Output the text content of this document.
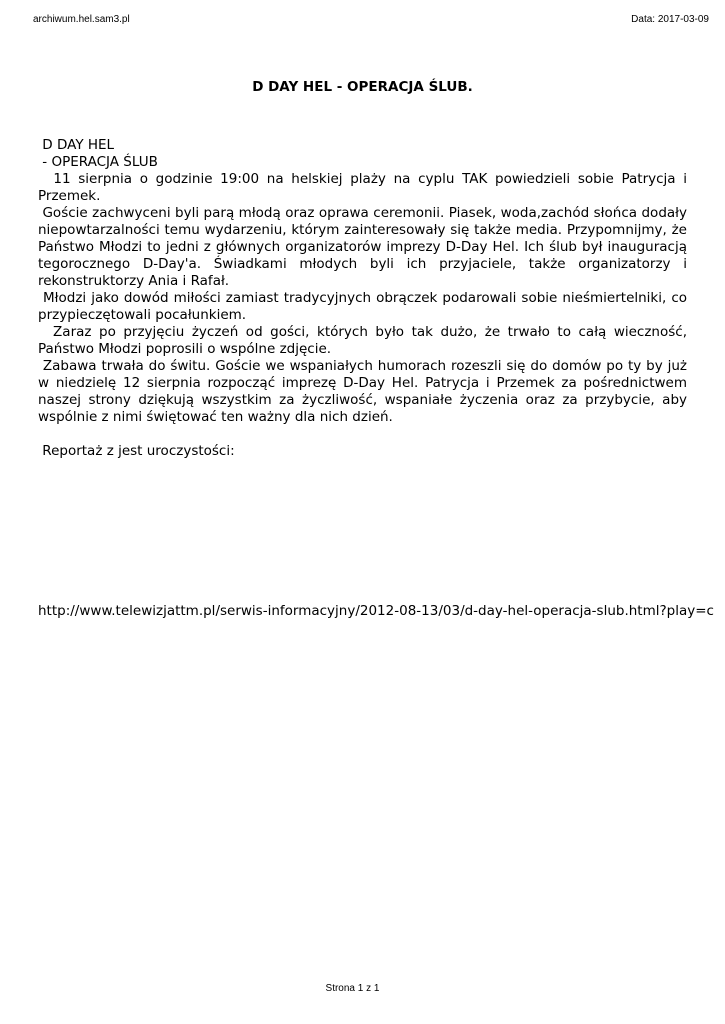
archiwum.hel.sam3.pl	Data: 2017-03-09
D DAY HEL - OPERACJA ŚLUB.
D DAY HEL
- OPERACJA ŚLUB

11 sierpnia o godzinie 19:00 na helskiej plaży na cyplu TAK powiedzieli sobie Patrycja i Przemek.

Goście zachwyceni byli parą młodą oraz oprawa ceremonii. Piasek, woda,zachód słońca dodały niepowtarzalności temu wydarzeniu, którym zainteresowały się także media. Przypomnijmy, że Państwo Młodzi to jedni z głównych organizatorów imprezy D-Day Hel. Ich ślub był inauguracją tegorocznego D-Day'a. Świadkami młodych byli ich przyjaciele, także organizatorzy i rekonstruktorzy Ania i Rafał.

Młodzi jako dowód miłości zamiast tradycyjnych obrączek podarowali sobie nieśmiertelniki, co przypieczętowali pocałunkiem.

Zaraz po przyjęciu życzeń od gości, których było tak dużo, że trwało to całą wieczność, Państwo Młodzi poprosili o wspólne zdjęcie.

Zabawa trwała do świtu. Goście we wspaniałych humorach rozeszli się do domów po ty by już w niedzielę 12 sierpnia rozpocząć imprezę D-Day Hel. Patrycja i Przemek za pośrednictwem naszej strony dziękują wszystkim za życzliwość, wspaniałe życzenia oraz za przybycie, aby wspólnie z nimi świętować ten ważny dla nich dzień.

Reportaż z jest uroczystości:
http://www.telewizjattm.pl/serwis-informacyjny/2012-08-13/03/d-day-hel-operacja-slub.html?play=c
Strona 1 z 1
